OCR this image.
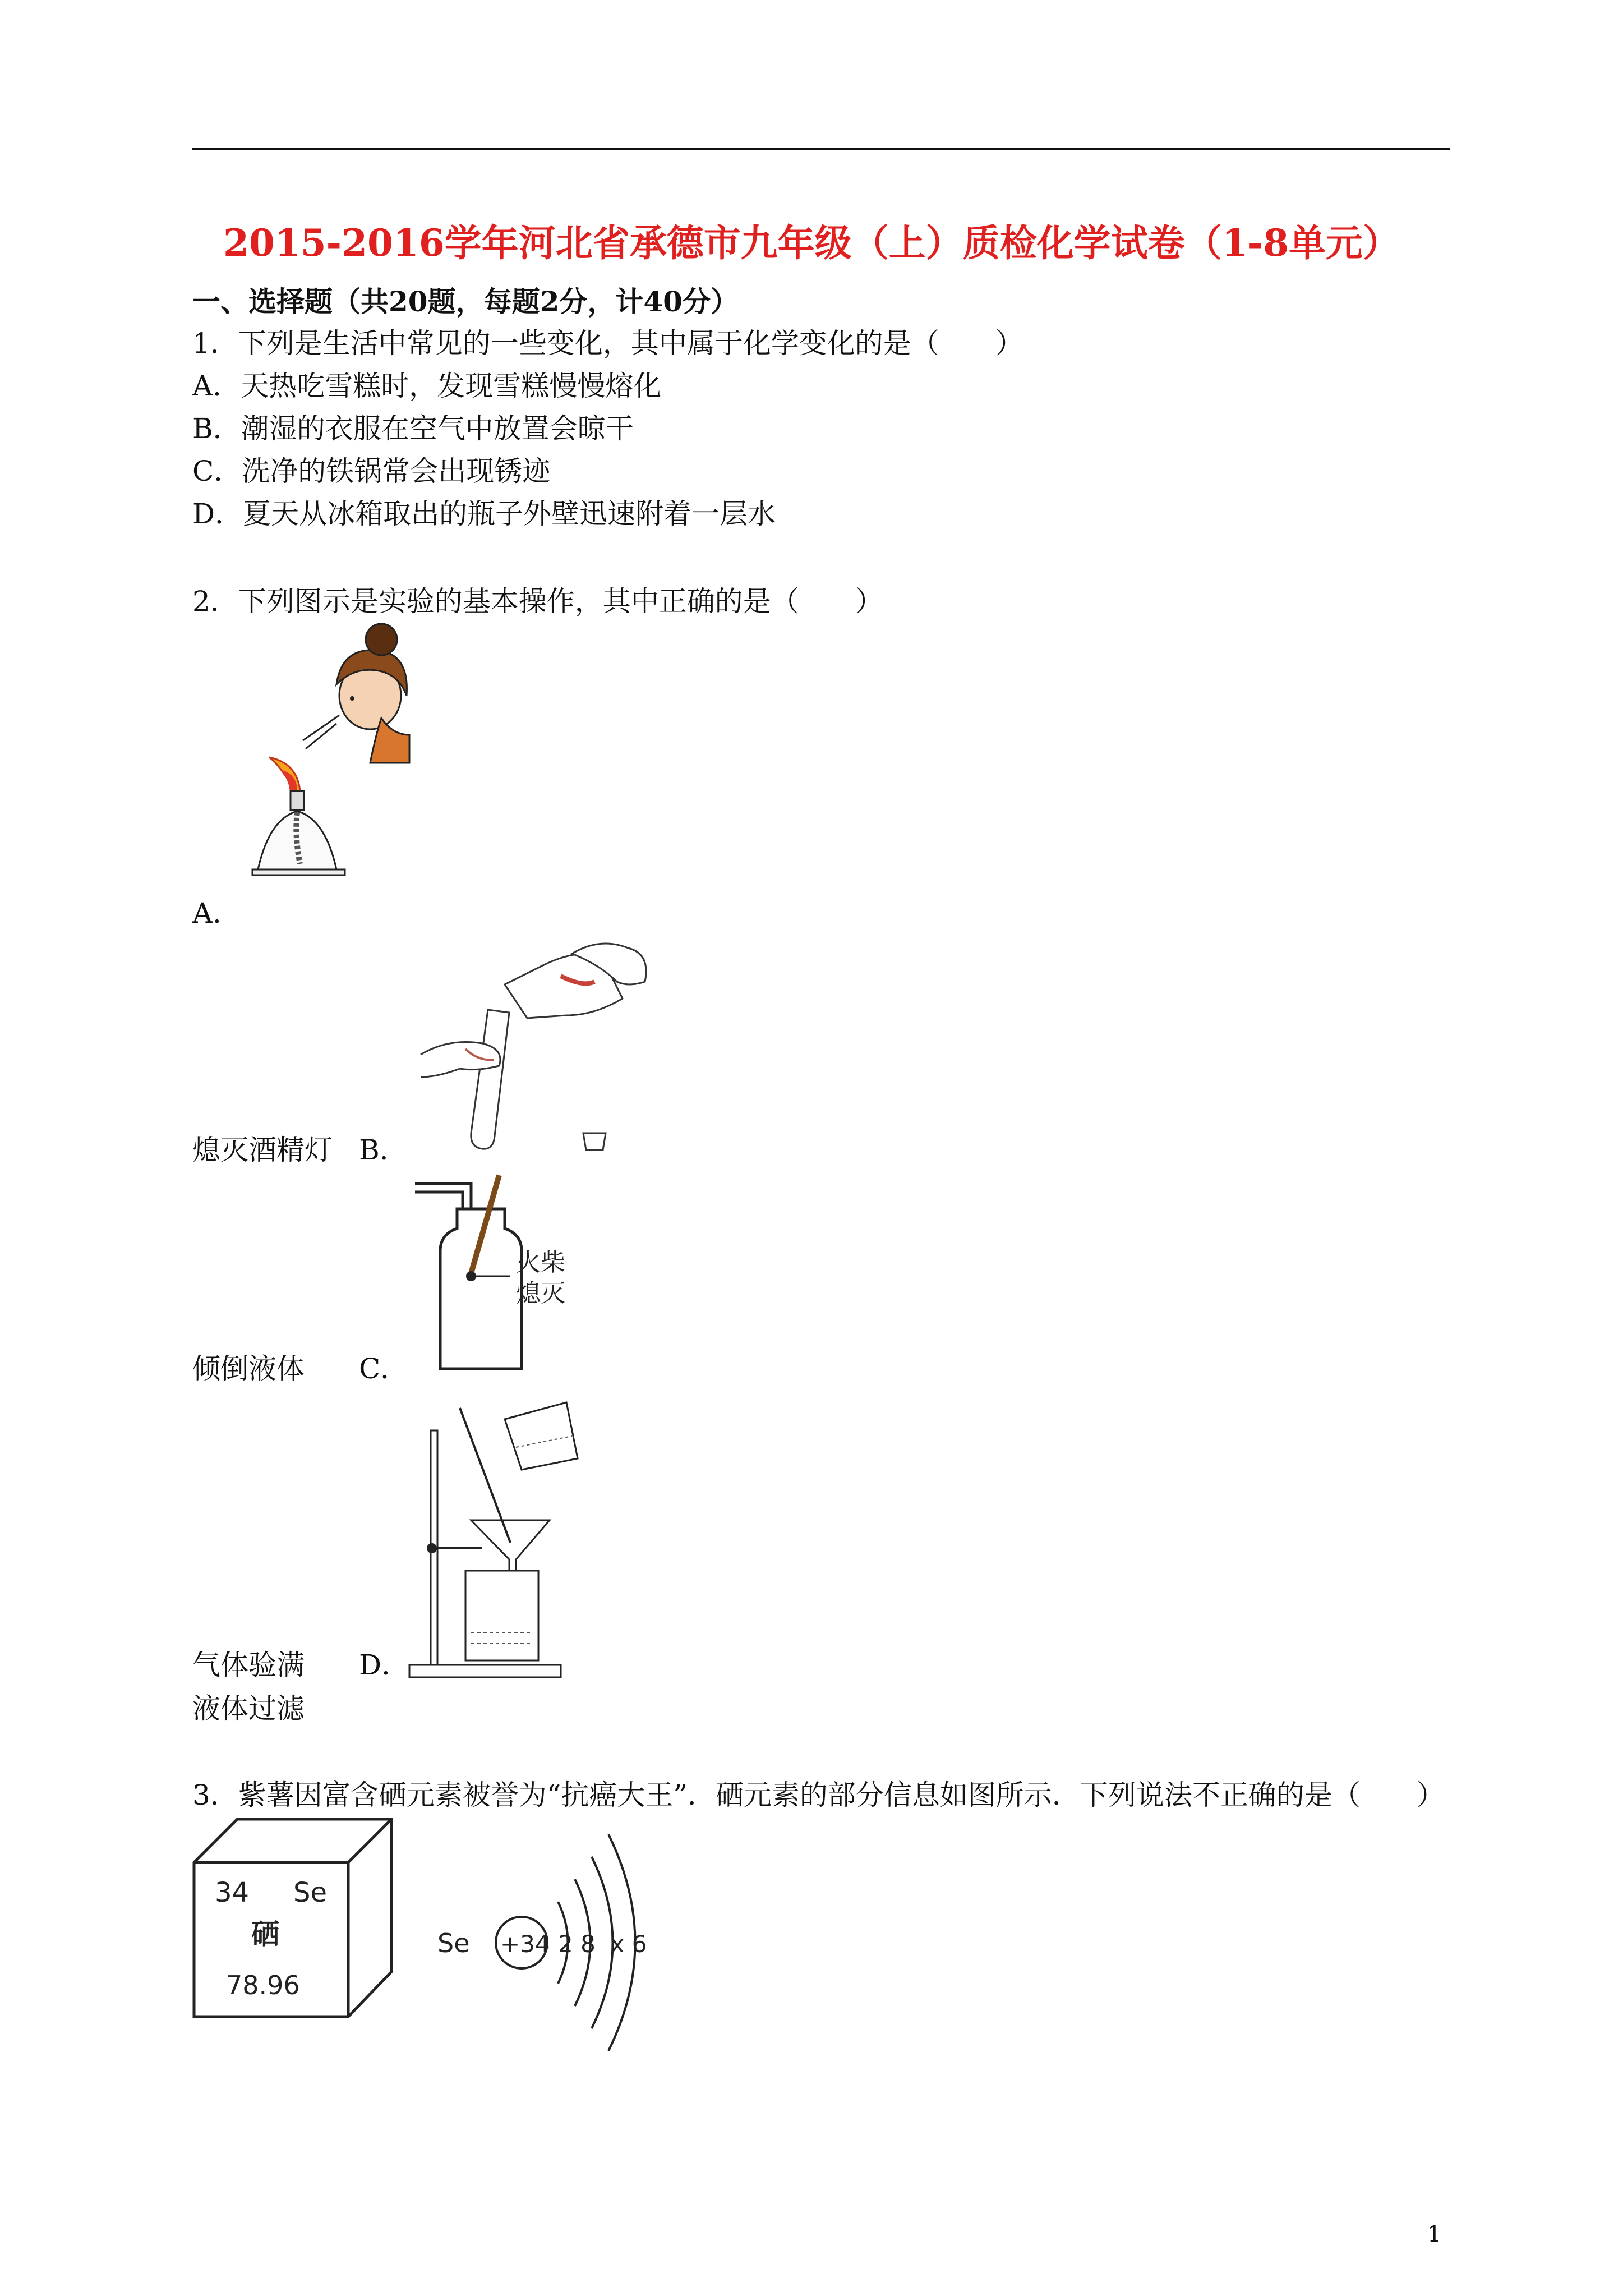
2015-2016学年河北省承德市九年级（上）质检化学试卷（1-8单元）
一、选择题（共20题，每题2分，计40分）
1．下列是生活中常见的一些变化，其中属于化学变化的是（　　）
A．天热吃雪糕时，发现雪糕慢慢熔化
B．潮湿的衣服在空气中放置会晾干
C．洗净的铁锅常会出现锈迹
D．夏天从冰箱取出的瓶子外壁迅速附着一层水
2．下列图示是实验的基本操作，其中正确的是（　　）
A．
熄灭酒精灯 B．
火柴
熄灭
倾倒液体 C．
气体验满 D．
液体过滤
3．紫薯因富含硒元素被誉为“抗癌大王”．硒元素的部分信息如图所示．下列说法不正确的是（　　）
34 Se
硒
78.96
Se +34 2 8  x 6
1
